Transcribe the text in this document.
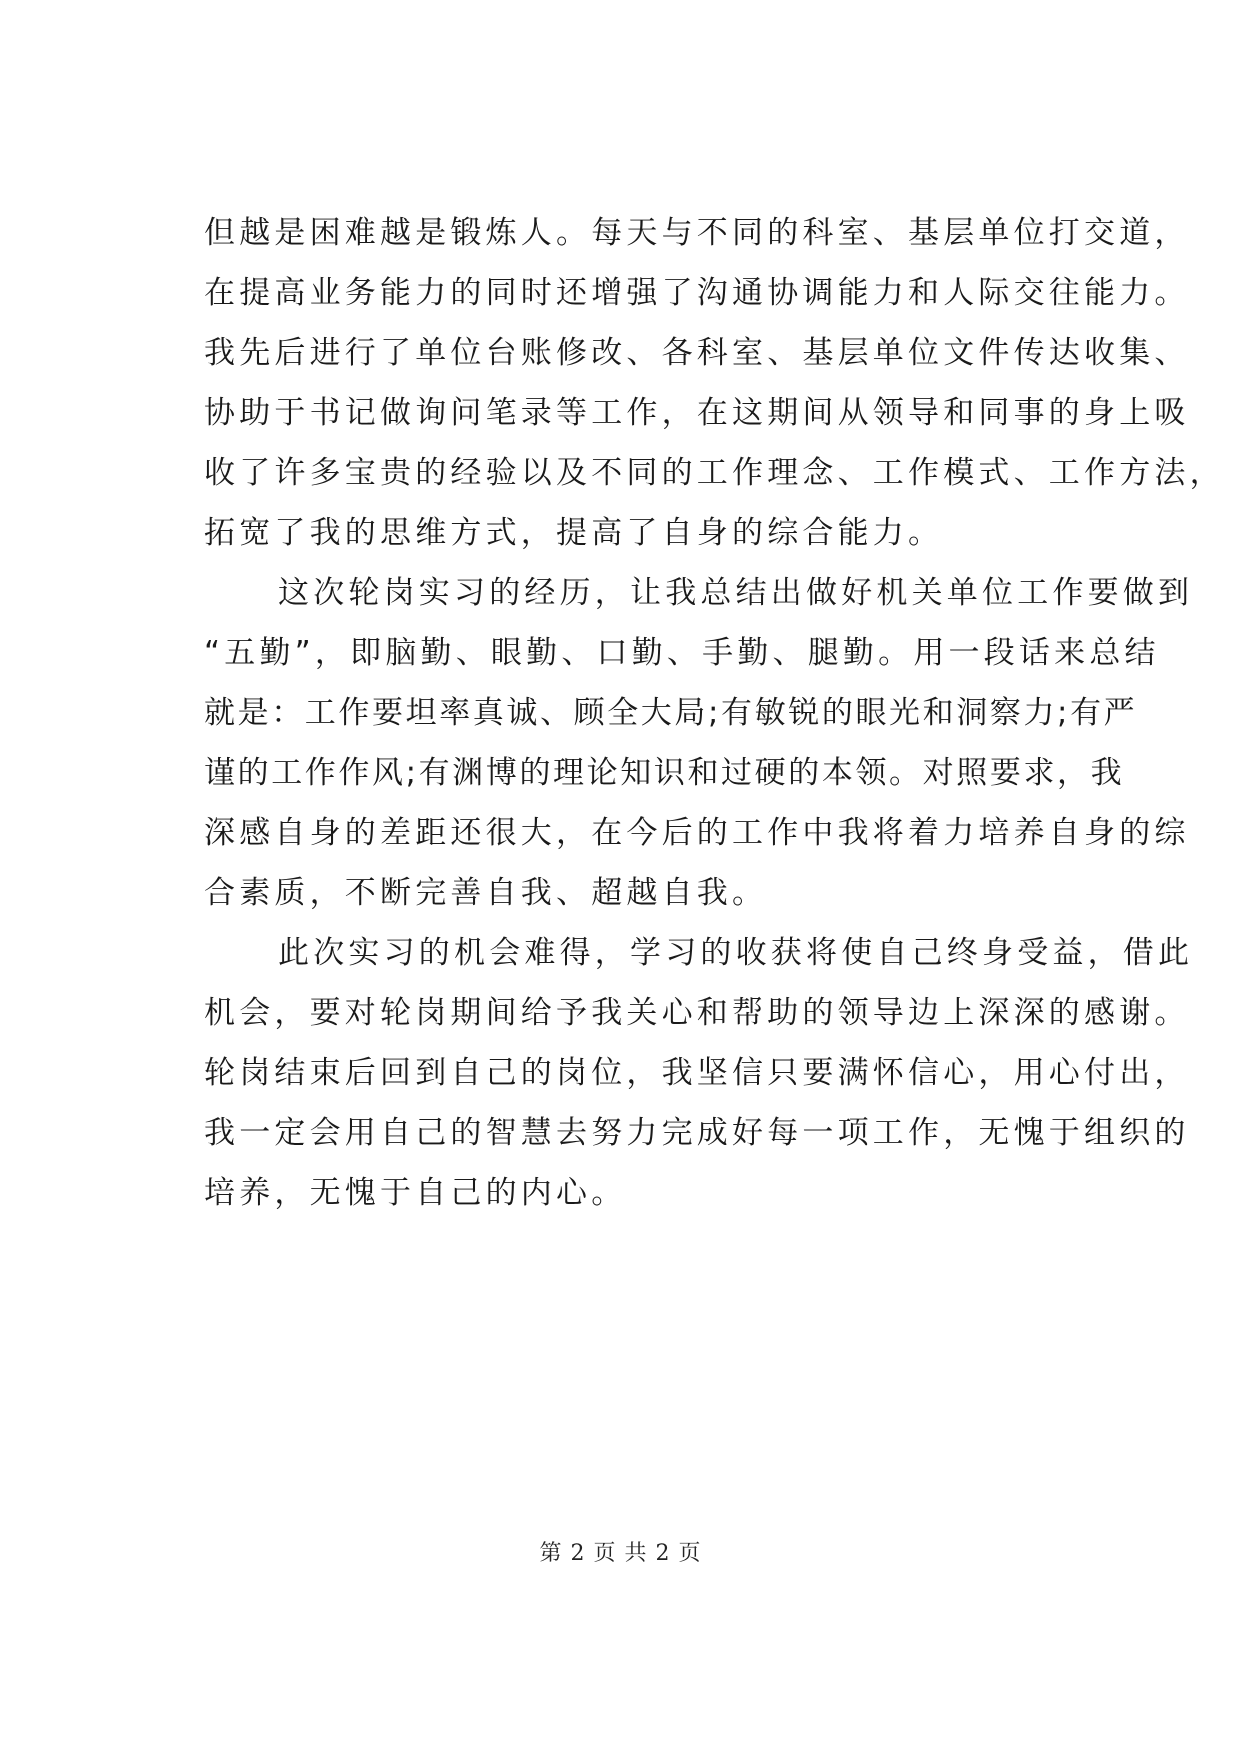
但越是困难越是锻炼人。每天与不同的科室、基层单位打交道，
在提高业务能力的同时还增强了沟通协调能力和人际交往能力。
我先后进行了单位台账修改、各科室、基层单位文件传达收集、
协助于书记做询问笔录等工作，在这期间从领导和同事的身上吸
收了许多宝贵的经验以及不同的工作理念、工作模式、工作方法，
拓宽了我的思维方式，提高了自身的综合能力。
这次轮岗实习的经历，让我总结出做好机关单位工作要做到
“五勤”，即脑勤、眼勤、口勤、手勤、腿勤。用一段话来总结
就是：工作要坦率真诚、顾全大局;有敏锐的眼光和洞察力;有严
谨的工作作风;有渊博的理论知识和过硬的本领。对照要求，我
深感自身的差距还很大，在今后的工作中我将着力培养自身的综
合素质，不断完善自我、超越自我。
此次实习的机会难得，学习的收获将使自己终身受益，借此
机会，要对轮岗期间给予我关心和帮助的领导边上深深的感谢。
轮岗结束后回到自己的岗位，我坚信只要满怀信心，用心付出，
我一定会用自己的智慧去努力完成好每一项工作，无愧于组织的
培养，无愧于自己的内心。
第 2 页 共 2 页
